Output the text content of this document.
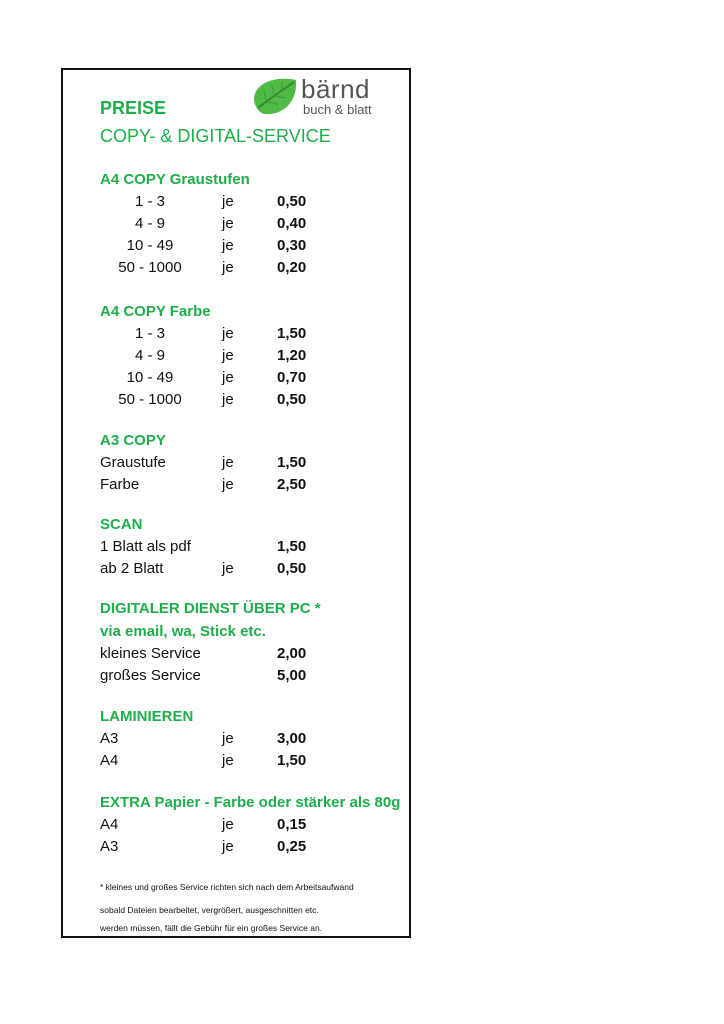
bärnd
buch & blatt
PREISE
COPY- & DIGITAL-SERVICE
A4 COPY Graustufen
1 - 3	je	0,50
4 - 9	je	0,40
10 - 49	je	0,30
50 - 1000	je	0,20
A4 COPY Farbe
1 - 3	je	1,50
4 - 9	je	1,20
10 - 49	je	0,70
50 - 1000	je	0,50
A3 COPY
Graustufe	je	1,50
Farbe	je	2,50
SCAN
1 Blatt als pdf	1,50
ab 2 Blatt	je	0,50
DIGITALER DIENST ÜBER PC *
via email, wa, Stick etc.
kleines Service	2,00
großes Service	5,00
LAMINIEREN
A3	je	3,00
A4	je	1,50
EXTRA Papier - Farbe oder stärker als 80g
A4	je	0,15
A3	je	0,25
* kleines und großes Service richten sich nach dem Arbeitsaufwand
sobald Dateien bearbeitet, vergrößert, ausgeschnitten etc.
werden müssen, fällt die Gebühr für ein großes Service an.
